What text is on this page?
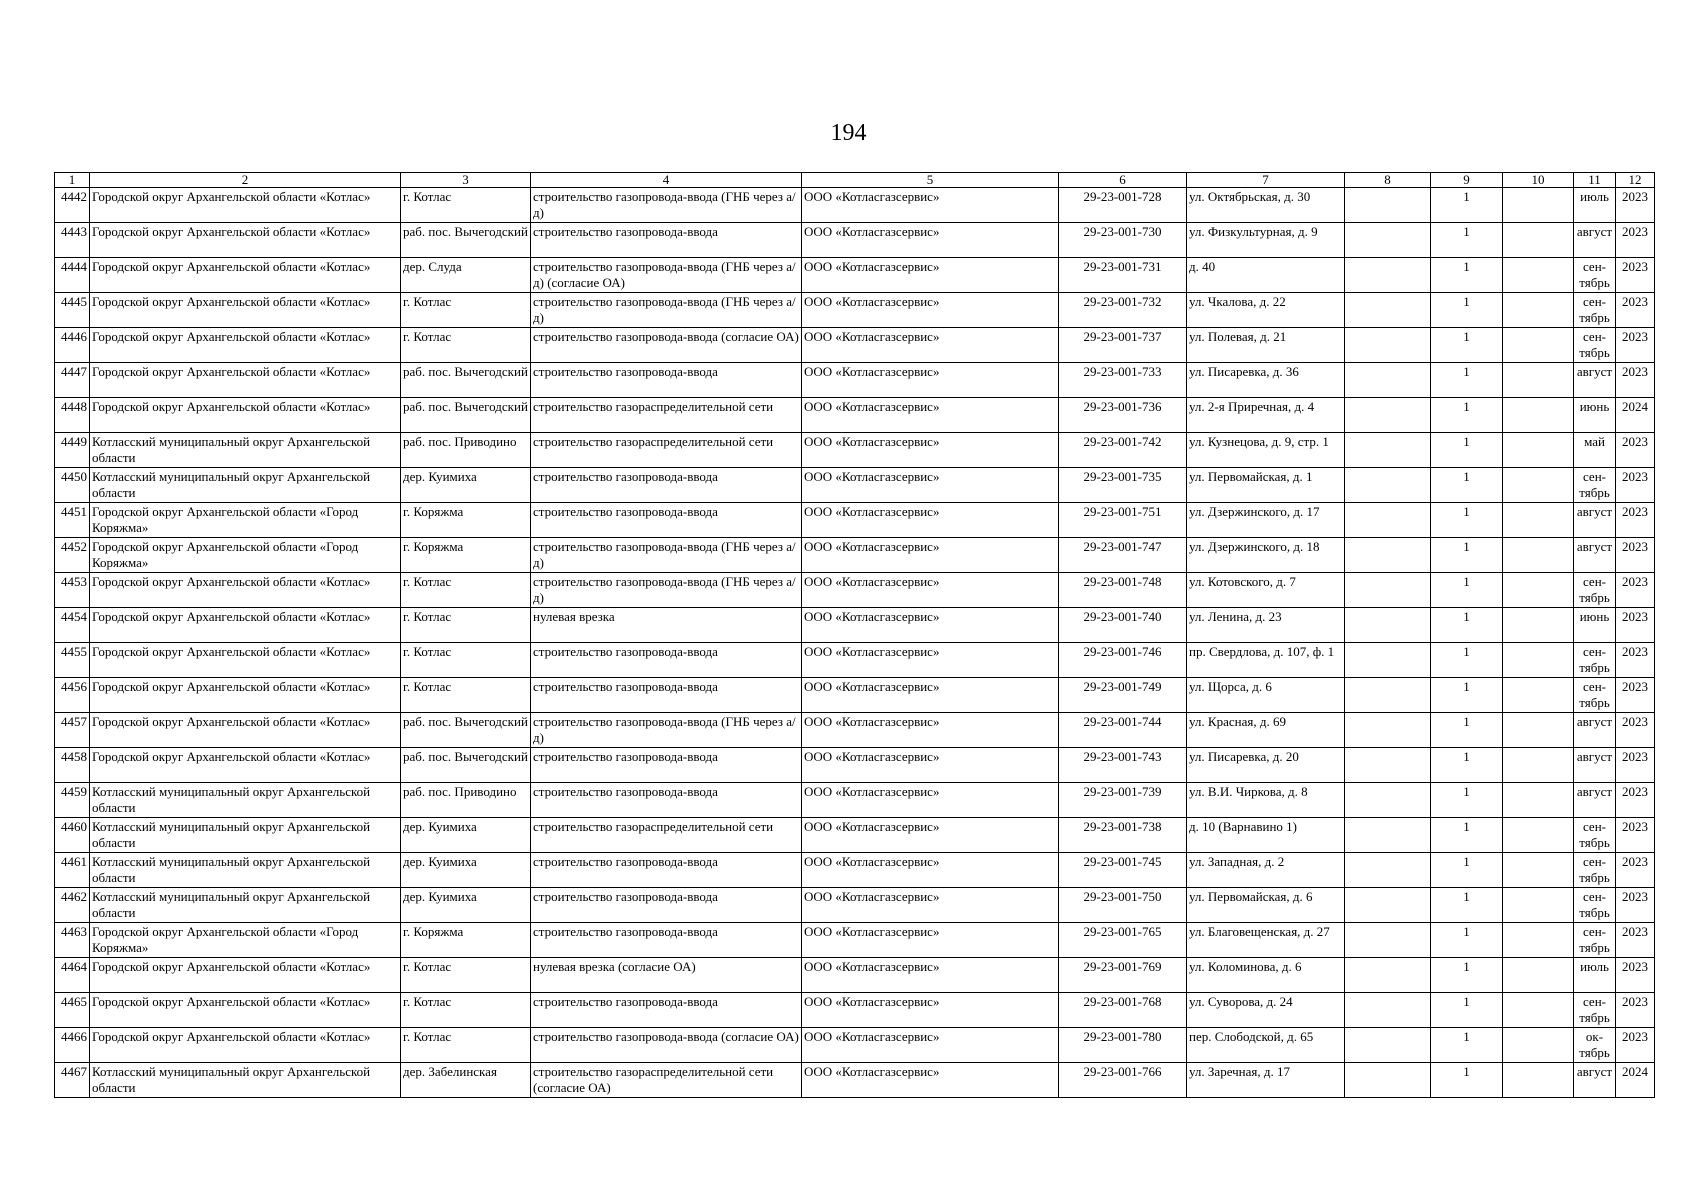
194
1	2	3	4	5	6	7	8	9	10	11	12
4442	Городской округ Архангельской области «Котлас»	г. Котлас	строительство газопровода-ввода (ГНБ через а/д)	ООО «Котласгазсервис»	29-23-001-728	ул. Октябрьская, д. 30		1		июль	2023
4443	Городской округ Архангельской области «Котлас»	раб. пос. Вычегодский	строительство газопровода-ввода	ООО «Котласгазсервис»	29-23-001-730	ул. Физкультурная, д. 9		1		август	2023
4444	Городской округ Архангельской области «Котлас»	дер. Слуда	строительство газопровода-ввода (ГНБ через а/д) (согласие ОА)	ООО «Котласгазсервис»	29-23-001-731	д. 40		1		сен-тябрь	2023
4445	Городской округ Архангельской области «Котлас»	г. Котлас	строительство газопровода-ввода (ГНБ через а/д)	ООО «Котласгазсервис»	29-23-001-732	ул. Чкалова, д. 22		1		сен-тябрь	2023
4446	Городской округ Архангельской области «Котлас»	г. Котлас	строительство газопровода-ввода (согласие ОА)	ООО «Котласгазсервис»	29-23-001-737	ул. Полевая, д. 21		1		сен-тябрь	2023
4447	Городской округ Архангельской области «Котлас»	раб. пос. Вычегодский	строительство газопровода-ввода	ООО «Котласгазсервис»	29-23-001-733	ул. Писаревка, д. 36		1		август	2023
4448	Городской округ Архангельской области «Котлас»	раб. пос. Вычегодский	строительство газораспределительной сети	ООО «Котласгазсервис»	29-23-001-736	ул. 2-я Приречная, д. 4		1		июнь	2024
4449	Котласский муниципальный округ Архангельской области	раб. пос. Приводино	строительство газораспределительной сети	ООО «Котласгазсервис»	29-23-001-742	ул. Кузнецова, д. 9, стр. 1		1		май	2023
4450	Котласский муниципальный округ Архангельской области	дер. Куимиха	строительство газопровода-ввода	ООО «Котласгазсервис»	29-23-001-735	ул. Первомайская, д. 1		1		сен-тябрь	2023
4451	Городской округ Архангельской области «Город Коряжма»	г. Коряжма	строительство газопровода-ввода	ООО «Котласгазсервис»	29-23-001-751	ул. Дзержинского, д. 17		1		август	2023
4452	Городской округ Архангельской области «Город Коряжма»	г. Коряжма	строительство газопровода-ввода (ГНБ через а/д)	ООО «Котласгазсервис»	29-23-001-747	ул. Дзержинского, д. 18		1		август	2023
4453	Городской округ Архангельской области «Котлас»	г. Котлас	строительство газопровода-ввода (ГНБ через а/д)	ООО «Котласгазсервис»	29-23-001-748	ул. Котовского, д. 7		1		сен-тябрь	2023
4454	Городской округ Архангельской области «Котлас»	г. Котлас	нулевая врезка	ООО «Котласгазсервис»	29-23-001-740	ул. Ленина, д. 23		1		июнь	2023
4455	Городской округ Архангельской области «Котлас»	г. Котлас	строительство газопровода-ввода	ООО «Котласгазсервис»	29-23-001-746	пр. Свердлова, д. 107, ф. 1		1		сен-тябрь	2023
4456	Городской округ Архангельской области «Котлас»	г. Котлас	строительство газопровода-ввода	ООО «Котласгазсервис»	29-23-001-749	ул. Щорса, д. 6		1		сен-тябрь	2023
4457	Городской округ Архангельской области «Котлас»	раб. пос. Вычегодский	строительство газопровода-ввода (ГНБ через а/д)	ООО «Котласгазсервис»	29-23-001-744	ул. Красная, д. 69		1		август	2023
4458	Городской округ Архангельской области «Котлас»	раб. пос. Вычегодский	строительство газопровода-ввода	ООО «Котласгазсервис»	29-23-001-743	ул. Писаревка, д. 20		1		август	2023
4459	Котласский муниципальный округ Архангельской области	раб. пос. Приводино	строительство газопровода-ввода	ООО «Котласгазсервис»	29-23-001-739	ул. В.И. Чиркова, д. 8		1		август	2023
4460	Котласский муниципальный округ Архангельской области	дер. Куимиха	строительство газораспределительной сети	ООО «Котласгазсервис»	29-23-001-738	д. 10 (Варнавино 1)		1		сен-тябрь	2023
4461	Котласский муниципальный округ Архангельской области	дер. Куимиха	строительство газопровода-ввода	ООО «Котласгазсервис»	29-23-001-745	ул. Западная, д. 2		1		сен-тябрь	2023
4462	Котласский муниципальный округ Архангельской области	дер. Куимиха	строительство газопровода-ввода	ООО «Котласгазсервис»	29-23-001-750	ул. Первомайская, д. 6		1		сен-тябрь	2023
4463	Городской округ Архангельской области «Город Коряжма»	г. Коряжма	строительство газопровода-ввода	ООО «Котласгазсервис»	29-23-001-765	ул. Благовещенская, д. 27		1		сен-тябрь	2023
4464	Городской округ Архангельской области «Котлас»	г. Котлас	нулевая врезка (согласие ОА)	ООО «Котласгазсервис»	29-23-001-769	ул. Коломинова, д. 6		1		июль	2023
4465	Городской округ Архангельской области «Котлас»	г. Котлас	строительство газопровода-ввода	ООО «Котласгазсервис»	29-23-001-768	ул. Суворова, д. 24		1		сен-тябрь	2023
4466	Городской округ Архангельской области «Котлас»	г. Котлас	строительство газопровода-ввода (согласие ОА)	ООО «Котласгазсервис»	29-23-001-780	пер. Слободской, д. 65		1		ок-тябрь	2023
4467	Котласский муниципальный округ Архангельской области	дер. Забелинская	строительство газораспределительной сети (согласие ОА)	ООО «Котласгазсервис»	29-23-001-766	ул. Заречная, д. 17		1		август	2024
